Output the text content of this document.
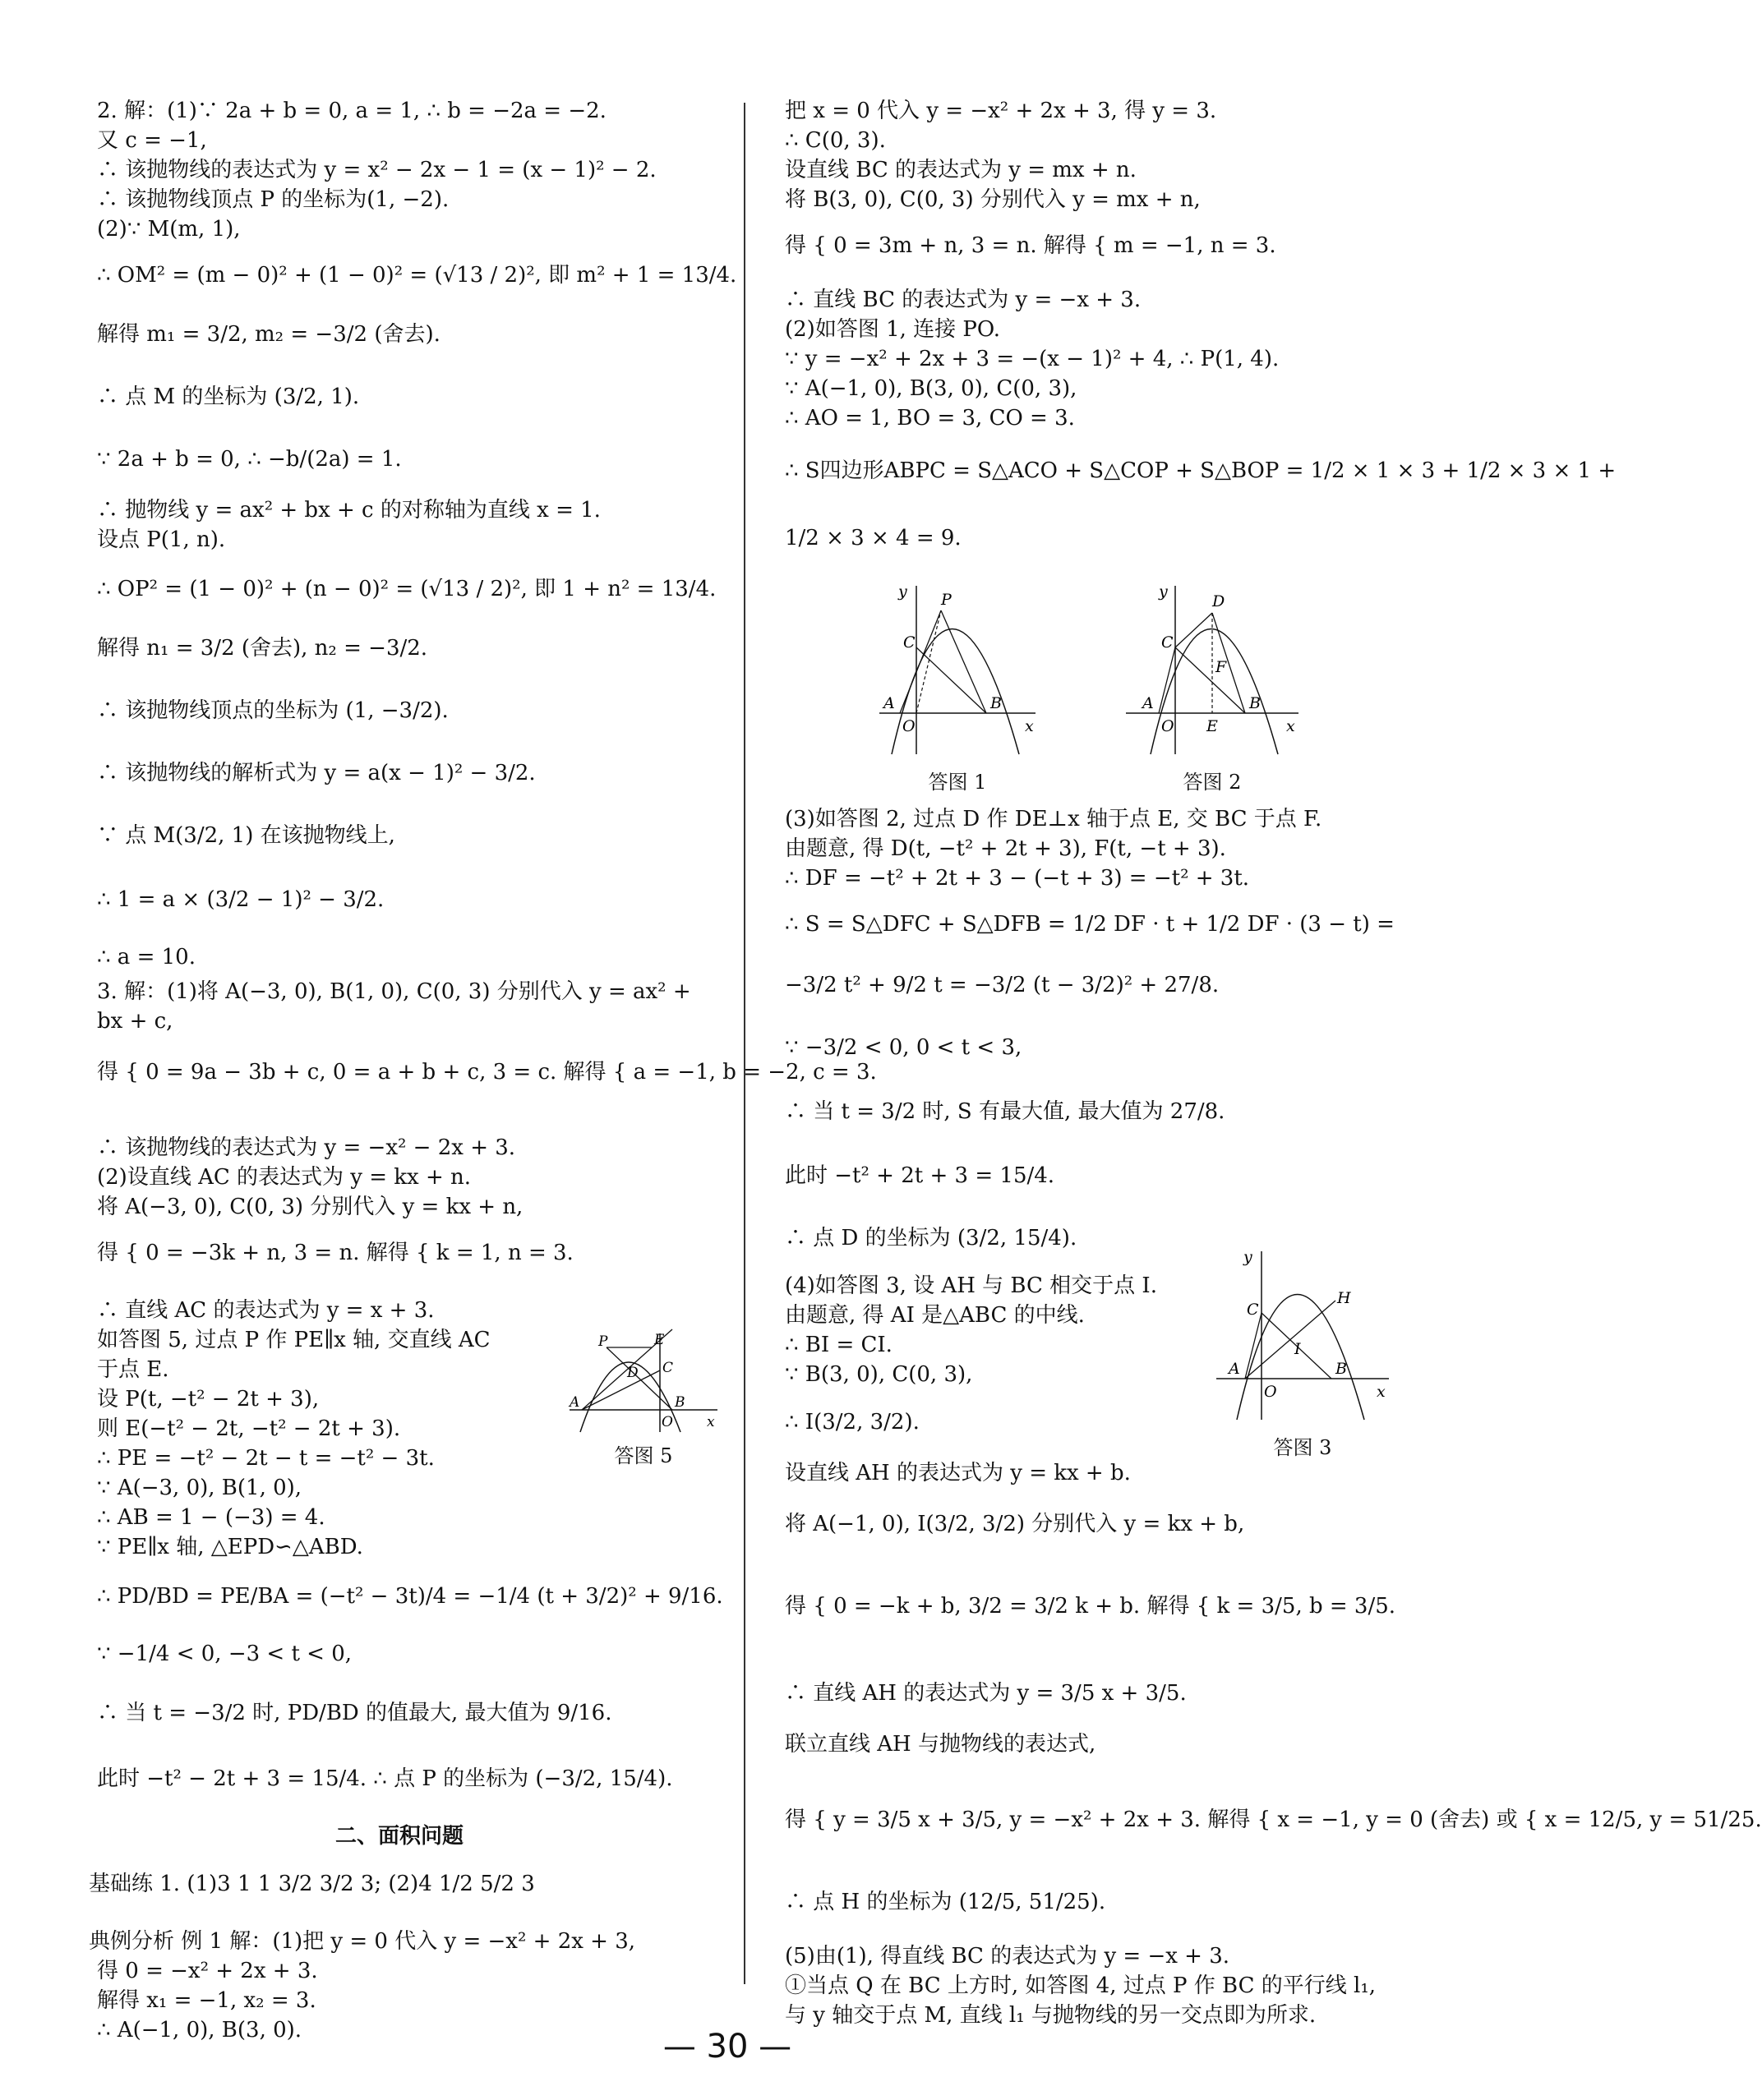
2. 解：(1)∵ 2a + b = 0, a = 1, ∴ b = −2a = −2.
又 c = −1,
∴ 该抛物线的表达式为 y = x² − 2x − 1 = (x − 1)² − 2.
∴ 该抛物线顶点 P 的坐标为(1, −2).
(2)∵ M(m, 1),
∴ OM² = (m − 0)² + (1 − 0)² = (√13 / 2)², 即 m² + 1 = 13/4.
解得 m₁ = 3/2, m₂ = −3/2 (舍去).
∴ 点 M 的坐标为 (3/2, 1).
∵ 2a + b = 0, ∴ −b/(2a) = 1.
∴ 抛物线 y = ax² + bx + c 的对称轴为直线 x = 1.
设点 P(1, n).
∴ OP² = (1 − 0)² + (n − 0)² = (√13 / 2)², 即 1 + n² = 13/4.
解得 n₁ = 3/2 (舍去), n₂ = −3/2.
∴ 该抛物线顶点的坐标为 (1, −3/2).
∴ 该抛物线的解析式为 y = a(x − 1)² − 3/2.
∵ 点 M(3/2, 1) 在该抛物线上,
∴ 1 = a × (3/2 − 1)² − 3/2.
∴ a = 10.
3. 解：(1)将 A(−3, 0), B(1, 0), C(0, 3) 分别代入 y = ax² +
bx + c,
得 { 0 = 9a − 3b + c, 0 = a + b + c, 3 = c. 解得 { a = −1, b = −2, c = 3.
∴ 该抛物线的表达式为 y = −x² − 2x + 3.
(2)设直线 AC 的表达式为 y = kx + n.
将 A(−3, 0), C(0, 3) 分别代入 y = kx + n,
得 { 0 = −3k + n, 3 = n. 解得 { k = 1, n = 3.
∴ 直线 AC 的表达式为 y = x + 3.
如答图 5, 过点 P 作 PE∥x 轴, 交直线 AC
于点 E.
设 P(t, −t² − 2t + 3),
则 E(−t² − 2t, −t² − 2t + 3).
∴ PE = −t² − 2t − t = −t² − 3t.
∵ A(−3, 0), B(1, 0),
∴ AB = 1 − (−3) = 4.
∵ PE∥x 轴, △EPD∽△ABD.
∴ PD/BD = PE/BA = (−t² − 3t)/4 = −1/4 (t + 3/2)² + 9/16.
∵ −1/4 < 0, −3 < t < 0,
∴ 当 t = −3/2 时, PD/BD 的值最大, 最大值为 9/16.
此时 −t² − 2t + 3 = 15/4. ∴ 点 P 的坐标为 (−3/2, 15/4).
二、面积问题
基础练 1. (1)3 1 1 3/2 3/2 3; (2)4 1/2 5/2 3
典例分析 例 1 解：(1)把 y = 0 代入 y = −x² + 2x + 3,
得 0 = −x² + 2x + 3.
解得 x₁ = −1, x₂ = 3.
∴ A(−1, 0), B(3, 0).
P	E
D C
A	B
O x
答图 5
把 x = 0 代入 y = −x² + 2x + 3, 得 y = 3.
∴ C(0, 3).
设直线 BC 的表达式为 y = mx + n.
将 B(3, 0), C(0, 3) 分别代入 y = mx + n,
得 { 0 = 3m + n, 3 = n. 解得 { m = −1, n = 3.
∴ 直线 BC 的表达式为 y = −x + 3.
(2)如答图 1, 连接 PO.
∵ y = −x² + 2x + 3 = −(x − 1)² + 4, ∴ P(1, 4).
∵ A(−1, 0), B(3, 0), C(0, 3),
∴ AO = 1, BO = 3, CO = 3.
∴ S四边形ABPC = S△ACO + S△COP + S△BOP = 1/2 × 1 × 3 + 1/2 × 3 × 1 +
1/2 × 3 × 4 = 9.
y P
C
A
O
B
x
答图 1
y
D
C
F
A
O E
B
x
答图 2
(3)如答图 2, 过点 D 作 DE⊥x 轴于点 E, 交 BC 于点 F.
由题意, 得 D(t, −t² + 2t + 3), F(t, −t + 3).
∴ DF = −t² + 2t + 3 − (−t + 3) = −t² + 3t.
∴ S = S△DFC + S△DFB = 1/2 DF · t + 1/2 DF · (3 − t) =
−3/2 t² + 9/2 t = −3/2 (t − 3/2)² + 27/8.
∵ −3/2 < 0, 0 < t < 3,
∴ 当 t = 3/2 时, S 有最大值, 最大值为 27/8.
此时 −t² + 2t + 3 = 15/4.
∴ 点 D 的坐标为 (3/2, 15/4).
(4)如答图 3, 设 AH 与 BC 相交于点 I.
由题意, 得 AI 是△ABC 的中线.
∴ BI = CI.
∵ B(3, 0), C(0, 3),
∴ I(3/2, 3/2).
设直线 AH 的表达式为 y = kx + b.
将 A(−1, 0), I(3/2, 3/2) 分别代入 y = kx + b,
得 { 0 = −k + b, 3/2 = 3/2 k + b. 解得 { k = 3/5, b = 3/5.
∴ 直线 AH 的表达式为 y = 3/5 x + 3/5.
联立直线 AH 与抛物线的表达式,
得 { y = 3/5 x + 3/5, y = −x² + 2x + 3. 解得 { x = −1, y = 0 (舍去) 或 { x = 12/5, y = 51/25.
∴ 点 H 的坐标为 (12/5, 51/25).
(5)由(1), 得直线 BC 的表达式为 y = −x + 3.
①当点 Q 在 BC 上方时, 如答图 4, 过点 P 作 BC 的平行线 l₁,
与 y 轴交于点 M, 直线 l₁ 与抛物线的另一交点即为所求.
y
C
H
I
A
O
B
x
答图 3
— 30 —
